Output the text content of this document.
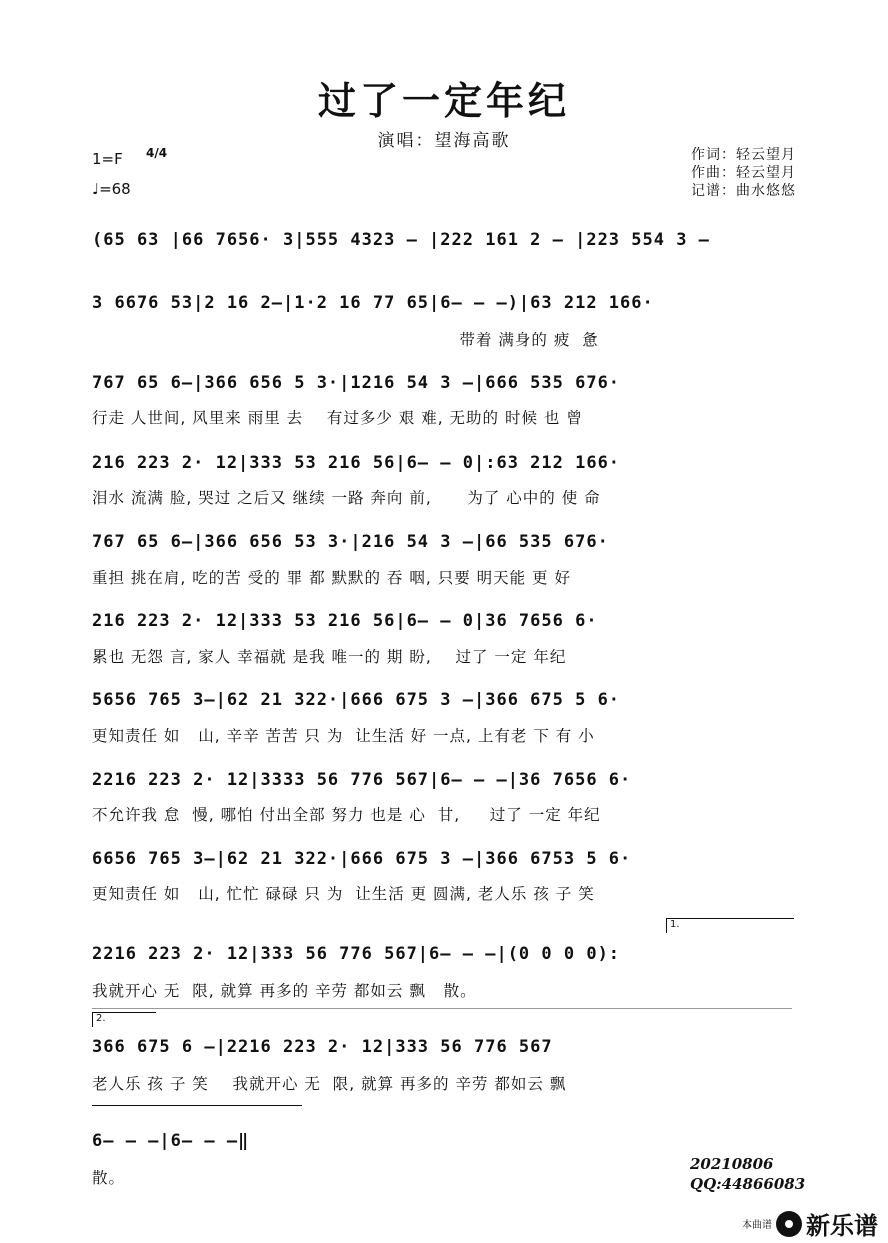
过了一定年纪
演唱：望海高歌
1=F 4/4
♩=68
作词：轻云望月
作曲：轻云望月
记谱：曲水悠悠
(65 63 |66 7656· 3|555 4323 – |222 161 2 – |223 554 3 –
3 6676 53|2 16 2–|1·2 16 77 65|6– – –)|63 212 166·
带着 满身的 疲  惫
767 65 6–|366 656 5 3·|1216 54 3 –|666 535 676·
行走 人世间, 风里来 雨里 去    有过多少 艰 难, 无助的 时候 也 曾
216 223 2· 12|333 53 216 56|6– – 0|:63 212 166·
泪水 流满 脸, 哭过 之后又 继续 一路 奔向 前,      为了 心中的 使 命
767 65 6–|366 656 53 3·|216 54 3 –|66 535 676·
重担 挑在肩, 吃的苦 受的 罪 都 默默的 吞 咽, 只要 明天能 更 好
216 223 2· 12|333 53 216 56|6– – 0|36 7656 6·
累也 无怨 言, 家人 幸福就 是我 唯一的 期 盼,    过了 一定 年纪
5656 765 3–|62 21 322·|666 675 3 –|366 675 5 6·
更知责任 如   山, 辛辛 苦苦 只 为  让生活 好 一点, 上有老 下 有 小
2216 223 2· 12|3333 56 776 567|6– – –|36 7656 6·
不允许我 怠  慢, 哪怕 付出全部 努力 也是 心  甘,     过了 一定 年纪
6656 765 3–|62 21 322·|666 675 3 –|366 6753 5 6·
更知责任 如   山, 忙忙 碌碌 只 为  让生活 更 圆满, 老人乐 孩 子 笑
1.
2216 223 2· 12|333 56 776 567|6– – –|(0 0 0 0):
我就开心 无  限, 就算 再多的 辛劳 都如云 飘   散。
2.
366 675 6 –|2216 223 2· 12|333 56 776 567
老人乐 孩 子 笑    我就开心 无  限, 就算 再多的 辛劳 都如云 飘
6– – –|6– – –‖
散。
20210806
QQ:44866083
本曲谱 新乐谱
